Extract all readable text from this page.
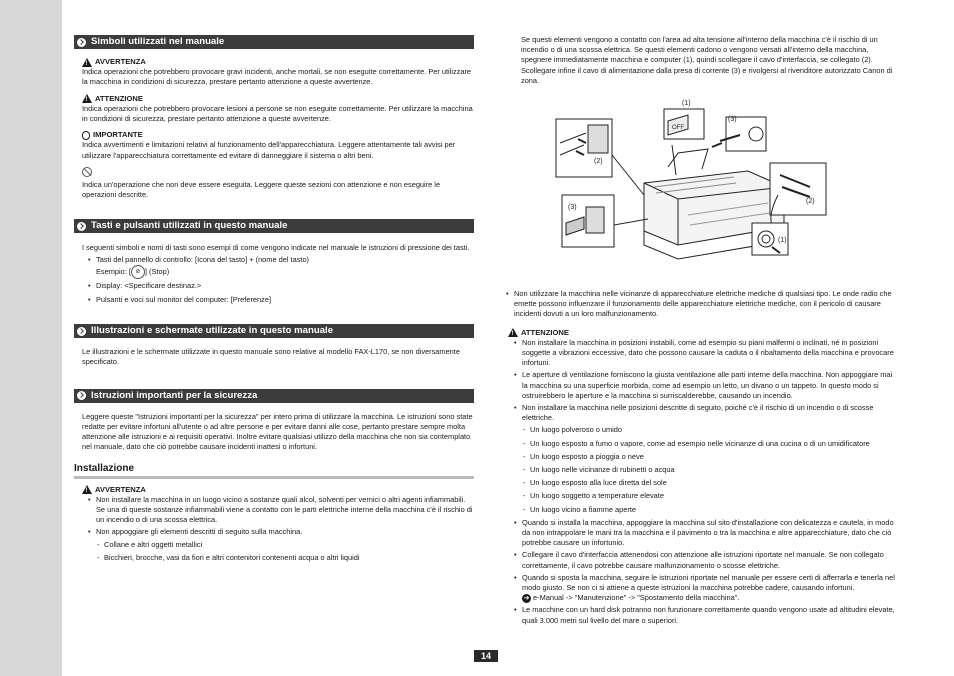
Simboli utilizzati nel manuale
!
AVVERTENZA

Indica operazioni che potrebbero provocare gravi incidenti, anche mortali, se non eseguite correttamente. Per utilizzare la macchina in condizioni di sicurezza, prestare pertanto attenzione a queste avvertenze.

!
ATTENZIONE

Indica operazioni che potrebbero provocare lesioni a persone se non eseguite correttamente. Per utilizzare la macchina in condizioni di sicurezza, prestare pertanto attenzione a queste avvertenze.

IMPORTANTE

Indica avvertimenti e limitazioni relativi al funzionamento dell'apparecchiatura. Leggere attentamente tali avvisi per utilizzare l'apparecchiatura correttamente ed evitare di danneggiare il sistema o altri beni.

Indica un'operazione che non deve essere eseguita. Leggere queste sezioni con attenzione e non eseguire le operazioni descritte.

Tasti e pulsanti utilizzati in questo manuale

I seguenti simboli e nomi di tasti sono esempi di come vengono indicate nel manuale le istruzioni di pressione dei tasti.

• Tasti del pannello di controllo: [Icona del tasto] + (nome del tasto)
Esempio: [ ⊘ ] (Stop)
• Display: <Specificare destinaz.>
• Pulsanti e voci sul monitor del computer: [Preferenze]
Illustrazioni e schermate utilizzate in questo manuale

Le illustrazioni e le schermate utilizzate in questo manuale sono relative al modello FAX-L170, se non diversamente specificato.

Istruzioni importanti per la sicurezza

Leggere queste "Istruzioni importanti per la sicurezza" per intero prima di utilizzare la macchina. Le istruzioni sono state redatte per evitare infortuni all'utente o ad altre persone e per evitare danni alle cose, pertanto prestare sempre molta attenzione alle istruzioni e ai requisiti operativi. Inoltre evitare qualsiasi utilizzo della macchina che non sia contemplato nel manuale, dato che ciò potrebbe causare incidenti inattesi o infortuni.

Installazione
!
AVVERTENZA
• Non installare la macchina in un luogo vicino a sostanze quali alcol, solventi per vernici o altri agenti infiammabili. Se una di queste sostanze infiammabili viene a contatto con le parti elettriche interne della macchina c'è il rischio di un incendio o di una scossa elettrica.
• Non appoggiare gli elementi descritti di seguito sulla macchina.
- Collane e altri oggetti metallici
- Bicchieri, brocche, vasi da fiori e altri contenitori contenenti acqua o altri liquidi

Se questi elementi vengono a contatto con l'area ad alta tensione all'interno della macchina c'è il rischio di un incendio o di una scossa elettrica. Se questi elementi cadono o vengono versati all'interno della macchina, spegnere immediatamente macchina e computer (1), quindi scollegare il cavo d'interfaccia, se collegato (2). Scollegare infine il cavo di alimentazione dalla presa di corrente (3) e rivolgersi al rivenditore autorizzato Canon di zona.

(1)
OFF
(3)
(2)
(3)
(2)
(1)
• Non utilizzare la macchina nelle vicinanze di apparecchiature elettriche mediche di qualsiasi tipo. Le onde radio che emette possono influenzare il funzionamento delle apparecchiature elettriche mediche, con il pericolo di causare incidenti dovuti a un loro malfunzionamento.
!
ATTENZIONE
• Non installare la macchina in posizioni instabili, come ad esempio su piani malfermi o inclinati, né in posizioni soggette a vibrazioni eccessive, dato che possono causare la caduta o il ribaltamento della macchina e provocare infortuni.
• Le aperture di ventilazione forniscono la giusta ventilazione alle parti interne della macchina. Non appoggiare mai la macchina su una superficie morbida, come ad esempio un letto, un divano o un tappeto. In questo modo si ostruirebbero le aperture e la macchina si surriscalderebbe, causando un incendio.
• Non installare la macchina nelle posizioni descritte di seguito, poiché c'è il rischio di un incendio o di scosse elettriche.
- Un luogo polveroso o umido
- Un luogo esposto a fumo o vapore, come ad esempio nelle vicinanze di una cucina o di un umidificatore
- Un luogo esposto a pioggia o neve
- Un luogo nelle vicinanze di rubinetti o acqua
- Un luogo esposto alla luce diretta del sole
- Un luogo soggetto a temperature elevate
- Un luogo vicino a fiamme aperte
• Quando si installa la macchina, appoggiare la macchina sul sito d'installazione con delicatezza e cautela, in modo da non intrappolare le mani tra la macchina e il pavimento o tra la macchina e altre apparecchiature, dato che ciò potrebbe causare un infortunio.
• Collegare il cavo d'interfaccia attenendosi con attenzione alle istruzioni riportate nel manuale. Se non collegato correttamente, il cavo potrebbe causare malfunzionamento o scosse elettriche.
• Quando si sposta la macchina, seguire le istruzioni riportate nel manuale per essere certi di afferrarla e tenerla nel modo giusto. Se non ci si attiene a queste istruzioni la macchina potrebbe cadere, causando infortuni.
➔ e-Manual -> "Manutenzione" -> "Spostamento della macchina".
• Le macchine con un hard disk potranno non funzionare correttamente quando vengono usate ad altitudini elevate, quali 3.000 metri sul livello del mare o superiori.
14
